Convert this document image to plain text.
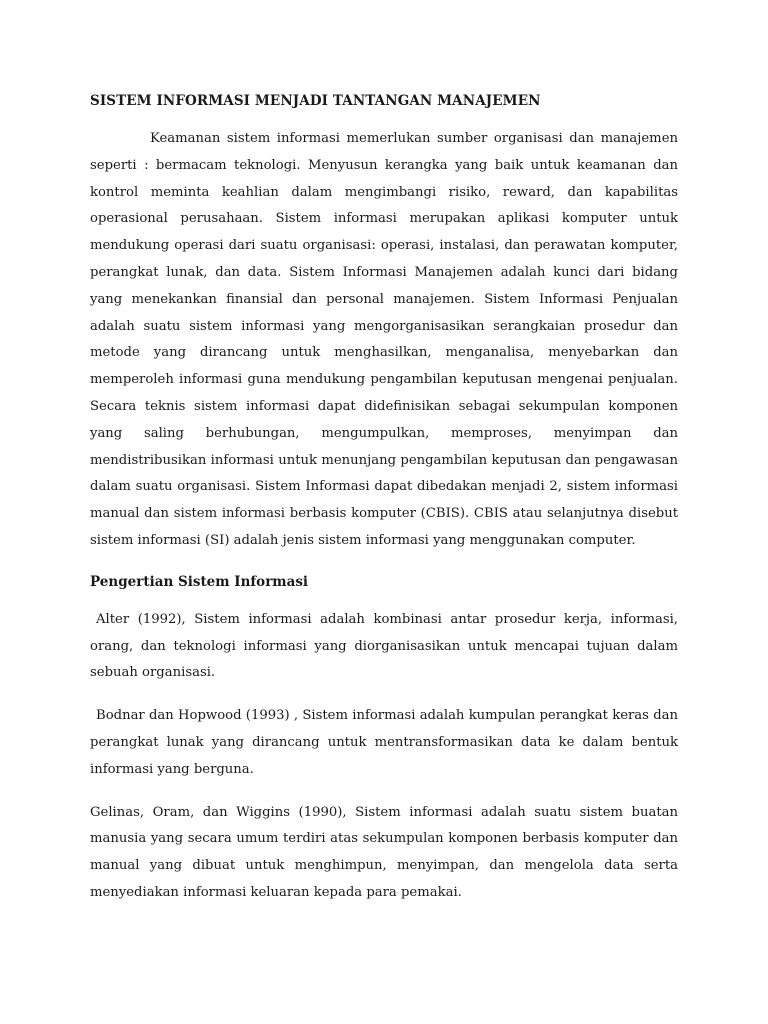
SISTEM INFORMASI MENJADI TANTANGAN MANAJEMEN

Keamanan sistem informasi memerlukan sumber organisasi dan manajemen seperti : bermacam teknologi. Menyusun kerangka yang baik untuk keamanan dan kontrol meminta keahlian dalam mengimbangi risiko, reward, dan kapabilitas operasional perusahaan. Sistem informasi merupakan aplikasi komputer untuk mendukung operasi dari suatu organisasi: operasi, instalasi, dan perawatan komputer, perangkat lunak, dan data. Sistem Informasi Manajemen adalah kunci dari bidang yang menekankan finansial dan personal manajemen. Sistem Informasi Penjualan adalah suatu sistem informasi yang mengorganisasikan serangkaian prosedur dan metode yang dirancang untuk menghasilkan, menganalisa, menyebarkan dan memperoleh informasi guna mendukung pengambilan keputusan mengenai penjualan. Secara teknis sistem informasi dapat didefinisikan sebagai sekumpulan komponen yang saling berhubungan, mengumpulkan, memproses, menyimpan dan mendistribusikan informasi untuk menunjang pengambilan keputusan dan pengawasan dalam suatu organisasi. Sistem Informasi dapat dibedakan menjadi 2, sistem informasi manual dan sistem informasi berbasis komputer (CBIS). CBIS atau selanjutnya disebut sistem informasi (SI) adalah jenis sistem informasi yang menggunakan computer.

Pengertian Sistem Informasi

Alter (1992), Sistem informasi adalah kombinasi antar prosedur kerja, informasi, orang, dan teknologi informasi yang diorganisasikan untuk mencapai tujuan dalam sebuah organisasi.

Bodnar dan Hopwood (1993) , Sistem informasi adalah kumpulan perangkat keras dan perangkat lunak yang dirancang untuk mentransformasikan data ke dalam bentuk informasi yang berguna.

Gelinas, Oram, dan Wiggins (1990), Sistem informasi adalah suatu sistem buatan manusia yang secara umum terdiri atas sekumpulan komponen berbasis komputer dan manual yang dibuat untuk menghimpun, menyimpan, dan mengelola data serta menyediakan informasi keluaran kepada para pemakai.
